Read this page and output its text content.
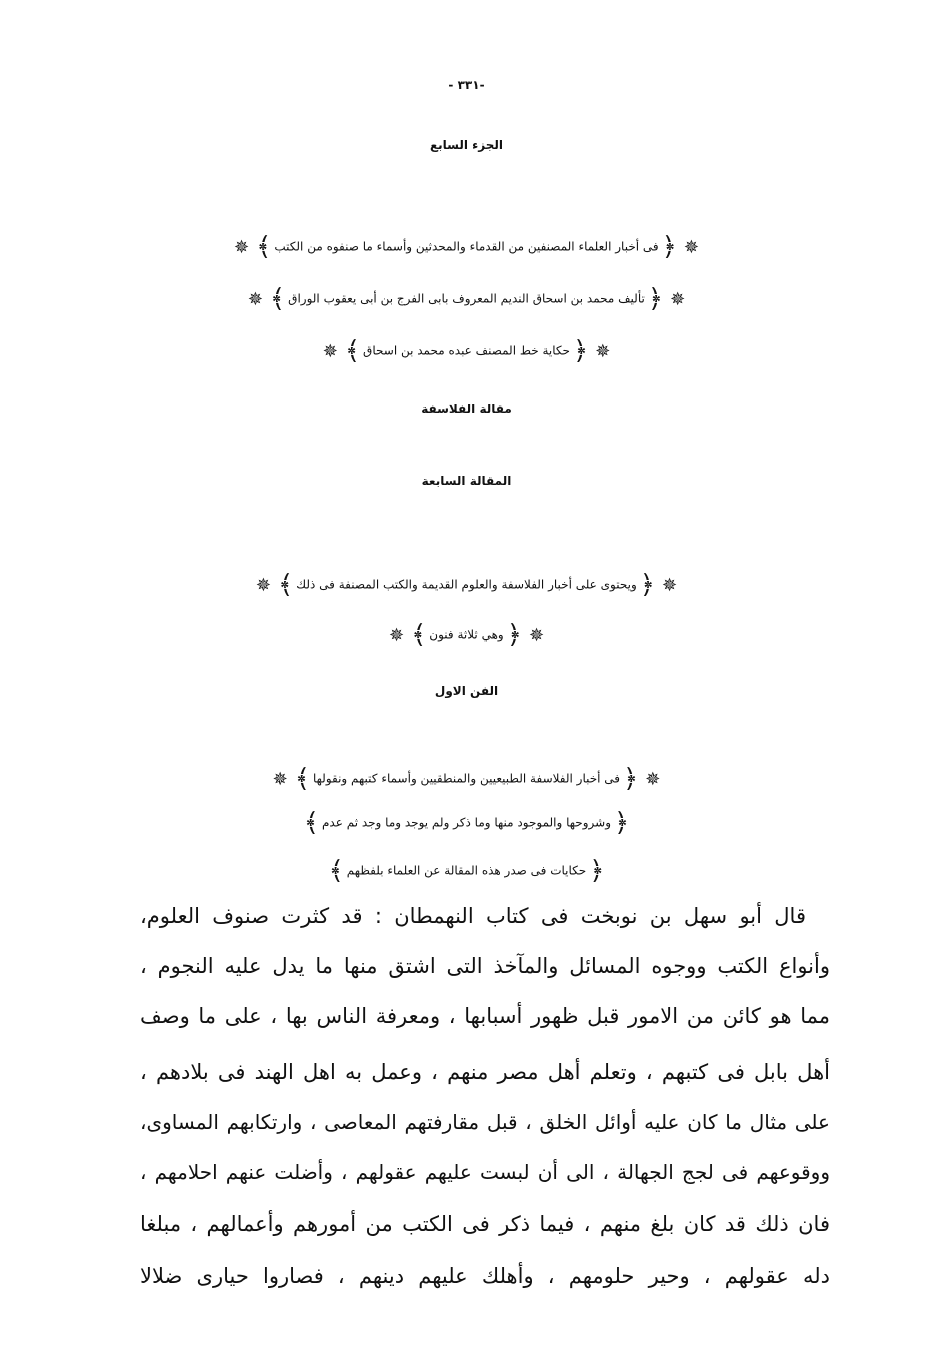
-٣٣١ -
الجزء السابع
✵﴿فى أخبار العلماء المصنفين من القدماء والمحدثين وأسماء ما صنفوه من الكتب﴾✵
✵﴿تأليف محمد بن اسحاق النديم المعروف بابى الفرج بن أبى يعقوب الوراق﴾✵
✵﴿حكاية خط المصنف عبده محمد بن اسحاق﴾✵
مقالة الفلاسفة
المقالة السابعة
✵﴿ويحتوى على أخبار الفلاسفة والعلوم القديمة والكتب المصنفة فى ذلك﴾✵
✵﴿وهي ثلاثة فنون﴾✵
الفن الاول
✵﴿فى أخبار الفلاسفة الطبيعيين والمنطقيين وأسماء كتبهم ونقولها﴾✵
﴿وشروحها والموجود منها وما ذكر ولم يوجد وما وجد ثم عدم﴾
﴿حكايات فى صدر هذه المقالة عن العلماء بلفظهم﴾
قال أبو سهل بن نوبخت فى كتاب النهمطان : قد كثرت صنوف العلوم،
وأنواع الكتب ووجوه المسائل والمآخذ التى اشتق منها ما يدل عليه النجوم ،
مما هو كائن من الامور قبل ظهور أسبابها ، ومعرفة الناس بها ، على ما وصف
أهل بابل فى كتبهم ، وتعلم أهل مصر منهم ، وعمل به اهل الهند فى بلادهم ،
على مثال ما كان عليه أوائل الخلق ، قبل مقارفتهم المعاصى ، وارتكابهم المساوى،
ووقوعهم فى لجج الجهالة ، الى أن لبست عليهم عقولهم ، وأضلت عنهم احلامهم ،
فان ذلك قد كان بلغ منهم ، فيما ذكر فى الكتب من أمورهم وأعمالهم ، مبلغا
دله عقولهم ، وحير حلومهم ، وأهلك عليهم دينهم ، فصاروا حيارى ضلالا
